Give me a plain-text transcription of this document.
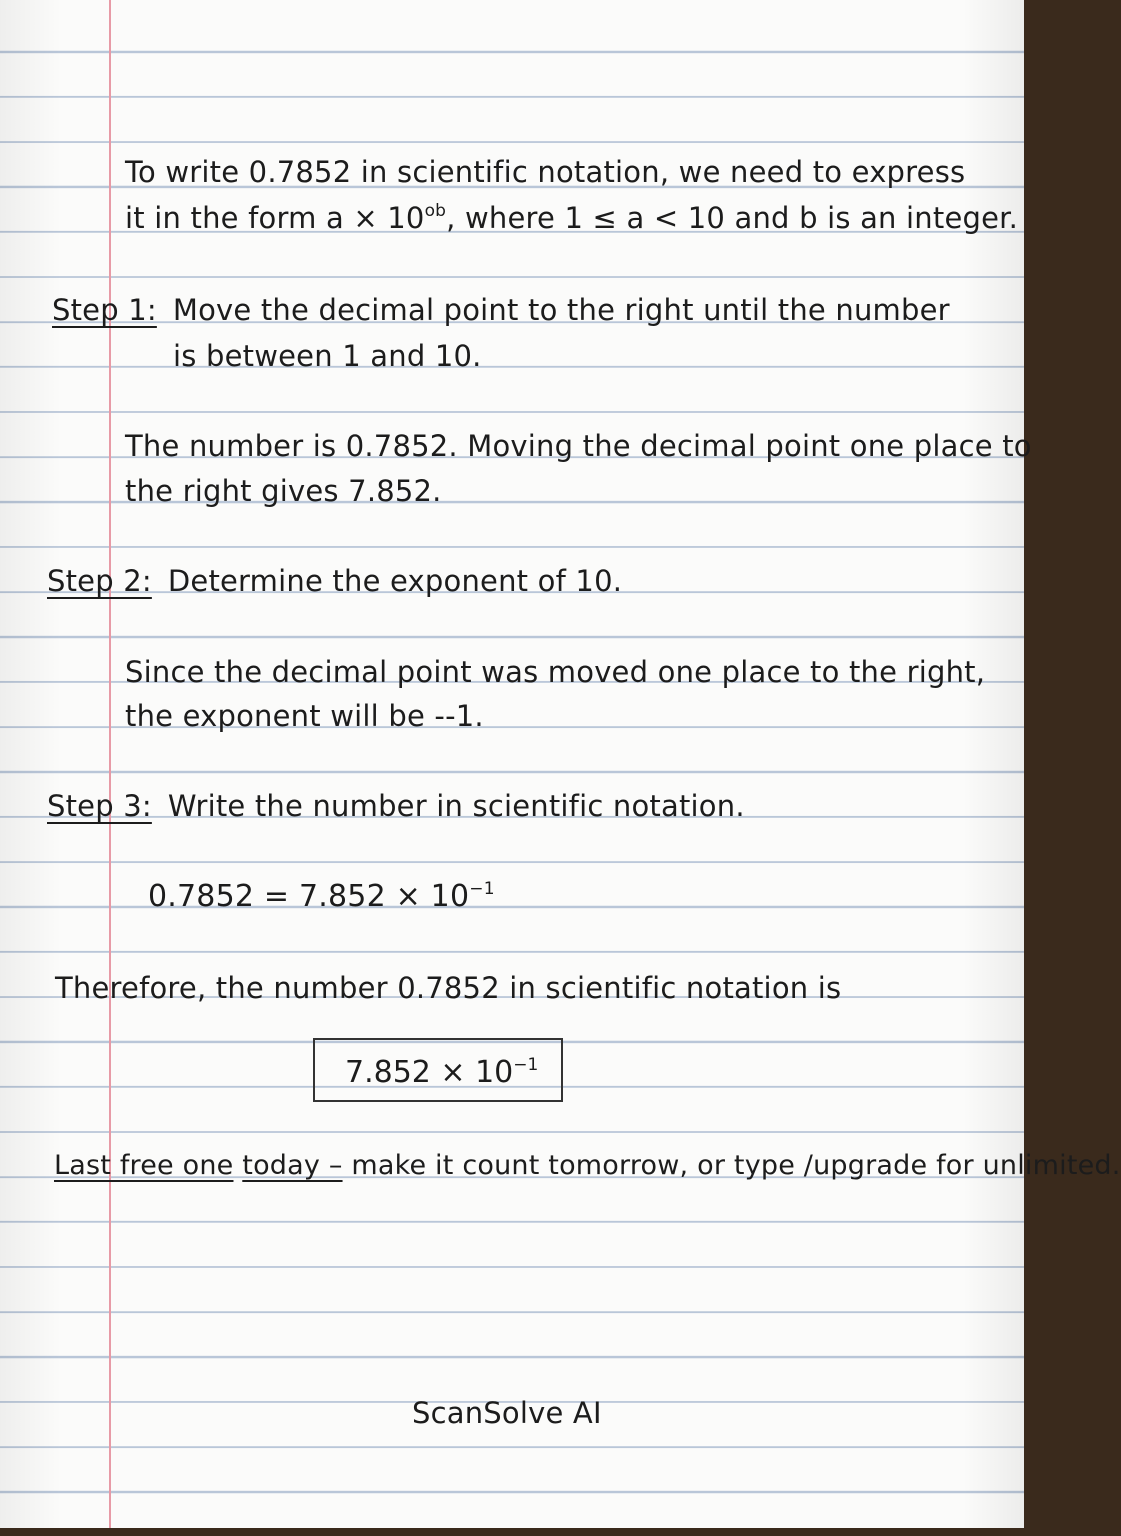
To write 0.7852 in scientific notation, we need to express
it in the form $a \times 10^{ob}$, where 1 ≤ a < 10 and b is an integer.
Step 1: Move the decimal point to the right until the number
is between 1 and 10.
The number is 0.7852. Moving the decimal point one place to
the right gives 7.852.
Step 2: Determine the exponent of 10.
Since the decimal point was moved one place to the right,
the exponent will be --1.
Step 3: Write the number in scientific notation.
$0.7852 = 7.852 \times 10^{-1}$
Therefore, the number 0.7852 in scientific notation is
$7.852 \times 10^{-1}$
Last free one today – make it count tomorrow, or type /upgrade for unlimited.
ScanSolve AI
